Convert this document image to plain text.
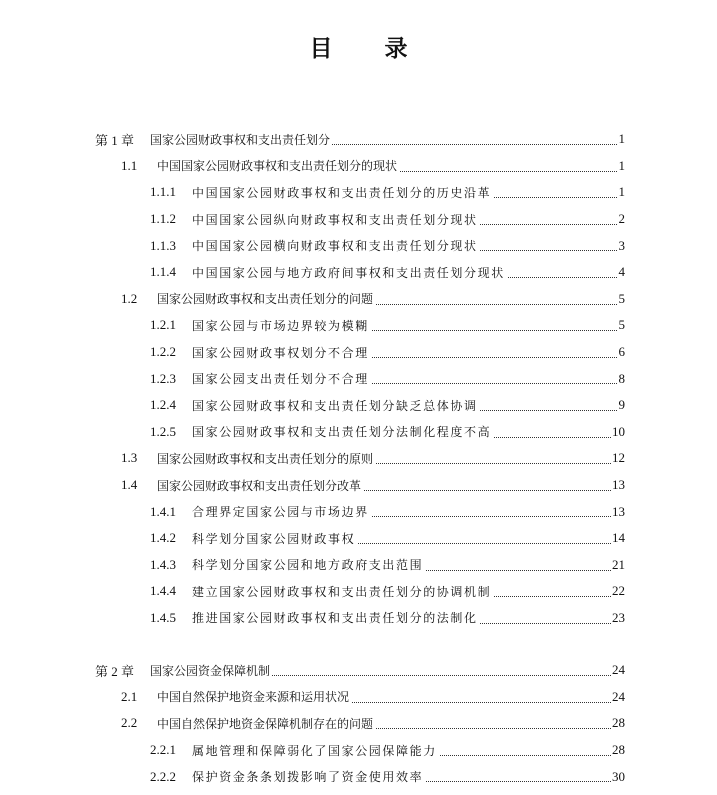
目 录
第 1 章 国家公园财政事权和支出责任划分	1
1.1 中国国家公园财政事权和支出责任划分的现状	1
1.1.1 中国国家公园财政事权和支出责任划分的历史沿革	1
1.1.2 中国国家公园纵向财政事权和支出责任划分现状	2
1.1.3 中国国家公园横向财政事权和支出责任划分现状	3
1.1.4 中国国家公园与地方政府间事权和支出责任划分现状	4
1.2 国家公园财政事权和支出责任划分的问题	5
1.2.1 国家公园与市场边界较为模糊	5
1.2.2 国家公园财政事权划分不合理	6
1.2.3 国家公园支出责任划分不合理	8
1.2.4 国家公园财政事权和支出责任划分缺乏总体协调	9
1.2.5 国家公园财政事权和支出责任划分法制化程度不高	10
1.3 国家公园财政事权和支出责任划分的原则	12
1.4 国家公园财政事权和支出责任划分改革	13
1.4.1 合理界定国家公园与市场边界	13
1.4.2 科学划分国家公园财政事权	14
1.4.3 科学划分国家公园和地方政府支出范围	21
1.4.4 建立国家公园财政事权和支出责任划分的协调机制	22
1.4.5 推进国家公园财政事权和支出责任划分的法制化	23
第 2 章 国家公园资金保障机制	24
2.1 中国自然保护地资金来源和运用状况	24
2.2 中国自然保护地资金保障机制存在的问题	28
2.2.1 属地管理和保障弱化了国家公园保障能力	28
2.2.2 保护资金条条划拨影响了资金使用效率	30
